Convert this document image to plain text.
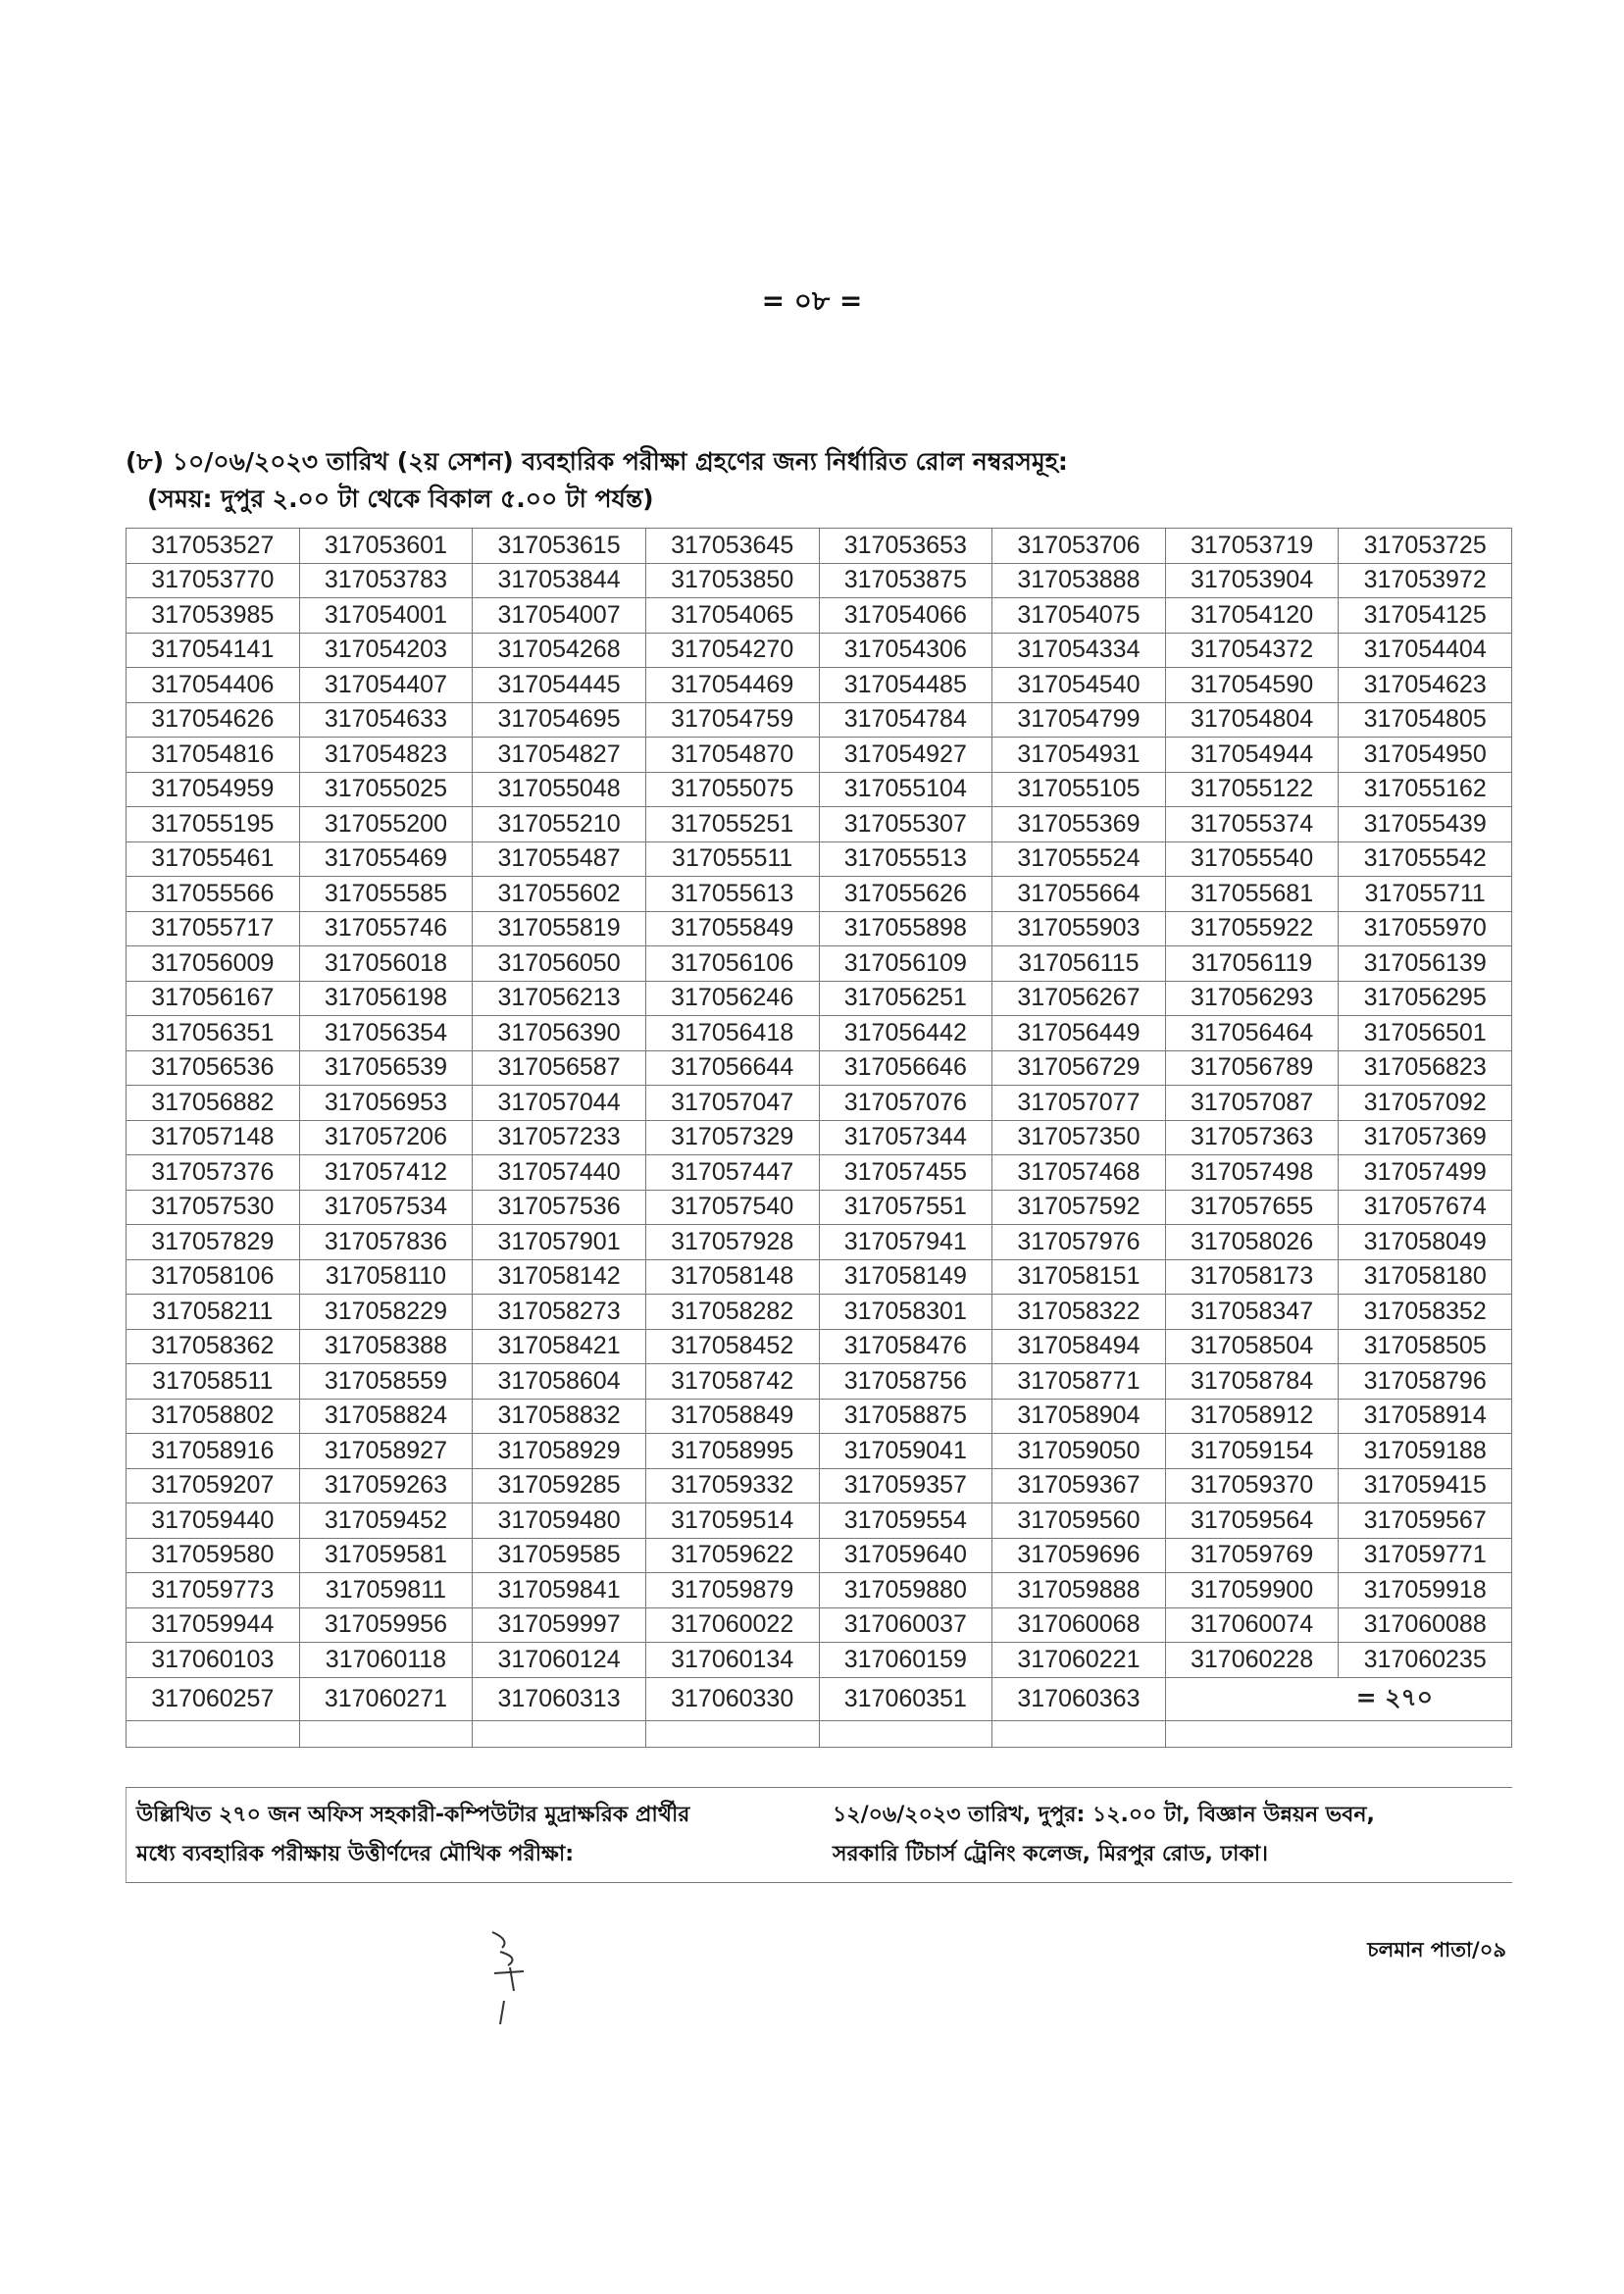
= ০৮ =
(৮) ১০/০৬/২০২৩ তারিখ (২য় সেশন) ব্যবহারিক পরীক্ষা গ্রহণের জন্য নির্ধারিত রোল নম্বরসমূহ:
(সময়: দুপুর ২.০০ টা থেকে বিকাল ৫.০০ টা পর্যন্ত)
317053527	317053601	317053615	317053645	317053653	317053706	317053719	317053725
317053770	317053783	317053844	317053850	317053875	317053888	317053904	317053972
317053985	317054001	317054007	317054065	317054066	317054075	317054120	317054125
317054141	317054203	317054268	317054270	317054306	317054334	317054372	317054404
317054406	317054407	317054445	317054469	317054485	317054540	317054590	317054623
317054626	317054633	317054695	317054759	317054784	317054799	317054804	317054805
317054816	317054823	317054827	317054870	317054927	317054931	317054944	317054950
317054959	317055025	317055048	317055075	317055104	317055105	317055122	317055162
317055195	317055200	317055210	317055251	317055307	317055369	317055374	317055439
317055461	317055469	317055487	317055511	317055513	317055524	317055540	317055542
317055566	317055585	317055602	317055613	317055626	317055664	317055681	317055711
317055717	317055746	317055819	317055849	317055898	317055903	317055922	317055970
317056009	317056018	317056050	317056106	317056109	317056115	317056119	317056139
317056167	317056198	317056213	317056246	317056251	317056267	317056293	317056295
317056351	317056354	317056390	317056418	317056442	317056449	317056464	317056501
317056536	317056539	317056587	317056644	317056646	317056729	317056789	317056823
317056882	317056953	317057044	317057047	317057076	317057077	317057087	317057092
317057148	317057206	317057233	317057329	317057344	317057350	317057363	317057369
317057376	317057412	317057440	317057447	317057455	317057468	317057498	317057499
317057530	317057534	317057536	317057540	317057551	317057592	317057655	317057674
317057829	317057836	317057901	317057928	317057941	317057976	317058026	317058049
317058106	317058110	317058142	317058148	317058149	317058151	317058173	317058180
317058211	317058229	317058273	317058282	317058301	317058322	317058347	317058352
317058362	317058388	317058421	317058452	317058476	317058494	317058504	317058505
317058511	317058559	317058604	317058742	317058756	317058771	317058784	317058796
317058802	317058824	317058832	317058849	317058875	317058904	317058912	317058914
317058916	317058927	317058929	317058995	317059041	317059050	317059154	317059188
317059207	317059263	317059285	317059332	317059357	317059367	317059370	317059415
317059440	317059452	317059480	317059514	317059554	317059560	317059564	317059567
317059580	317059581	317059585	317059622	317059640	317059696	317059769	317059771
317059773	317059811	317059841	317059879	317059880	317059888	317059900	317059918
317059944	317059956	317059997	317060022	317060037	317060068	317060074	317060088
317060103	317060118	317060124	317060134	317060159	317060221	317060228	317060235
317060257	317060271	317060313	317060330	317060351	317060363	= ২৭০	

উল্লিখিত ২৭০ জন অফিস সহকারী-কম্পিউটার মুদ্রাক্ষরিক প্রার্থীর
মধ্যে ব্যবহারিক পরীক্ষায় উত্তীর্ণদের মৌখিক পরীক্ষা:
১২/০৬/২০২৩ তারিখ, দুপুর: ১২.০০ টা, বিজ্ঞান উন্নয়ন ভবন,
সরকারি টিচার্স ট্রেনিং কলেজ, মিরপুর রোড, ঢাকা।
চলমান পাতা/০৯
